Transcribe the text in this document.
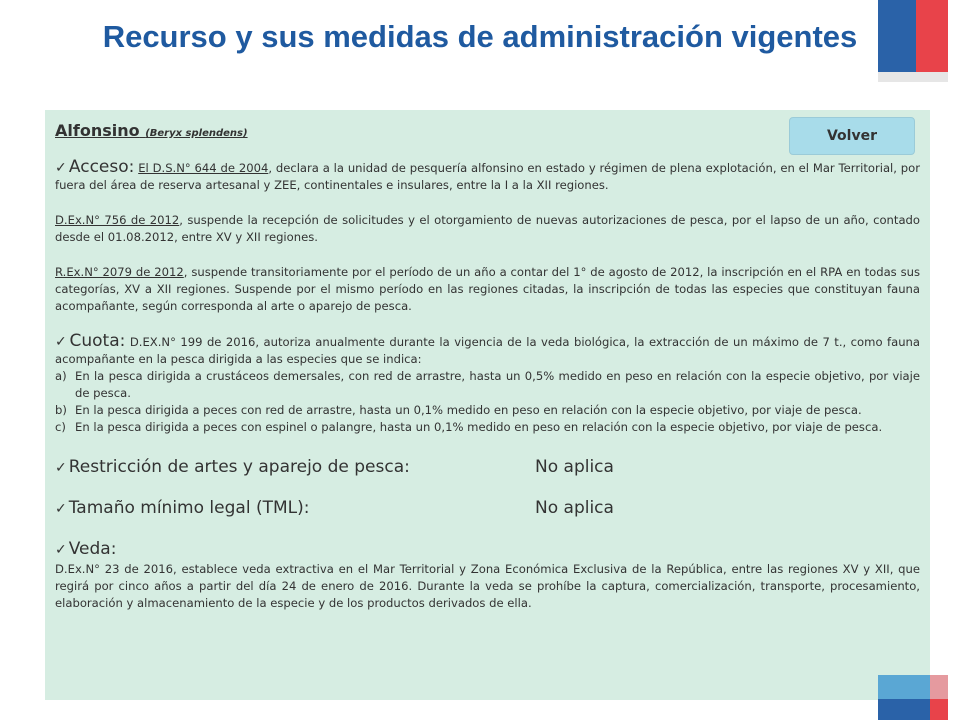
Recurso y sus medidas de administración vigentes
Volver
Alfonsino (Beryx splendens)

✓ Acceso: El D.S.N° 644 de 2004, declara a la unidad de pesquería alfonsino en estado y régimen de plena explotación, en el Mar Territorial, por fuera del área de reserva artesanal y ZEE, continentales e insulares, entre la I a la XII regiones.

D.Ex.N° 756 de 2012, suspende la recepción de solicitudes y el otorgamiento de nuevas autorizaciones de pesca, por el lapso de un año, contado desde el 01.08.2012, entre XV y XII regiones.

R.Ex.N° 2079 de 2012, suspende transitoriamente por el período de un año a contar del 1° de agosto de 2012, la inscripción en el RPA en todas sus categorías, XV a XII regiones. Suspende por el mismo período en las regiones citadas, la inscripción de todas las especies que constituyan fauna acompañante, según corresponda al arte o aparejo de pesca.

✓ Cuota: D.EX.N° 199 de 2016, autoriza anualmente durante la vigencia de la veda biológica, la extracción de un máximo de 7 t., como fauna acompañante en la pesca dirigida a las especies que se indica:

a) En la pesca dirigida a crustáceos demersales, con red de arrastre, hasta un 0,5% medido en peso en relación con la especie objetivo, por viaje de pesca.
b) En la pesca dirigida a peces con red de arrastre, hasta un 0,1% medido en peso en relación con la especie objetivo, por viaje de pesca.
c) En la pesca dirigida a peces con espinel o palangre, hasta un 0,1% medido en peso en relación con la especie objetivo, por viaje de pesca.
✓ Restricción de artes y aparejo de pesca:	No aplica
✓ Tamaño mínimo legal (TML):	No aplica
✓ Veda:

D.Ex.N° 23 de 2016, establece veda extractiva en el Mar Territorial y Zona Económica Exclusiva de la República, entre las regiones XV y XII, que regirá por cinco años a partir del día 24 de enero de 2016. Durante la veda se prohíbe la captura, comercialización, transporte, procesamiento, elaboración y almacenamiento de la especie y de los productos derivados de ella.
